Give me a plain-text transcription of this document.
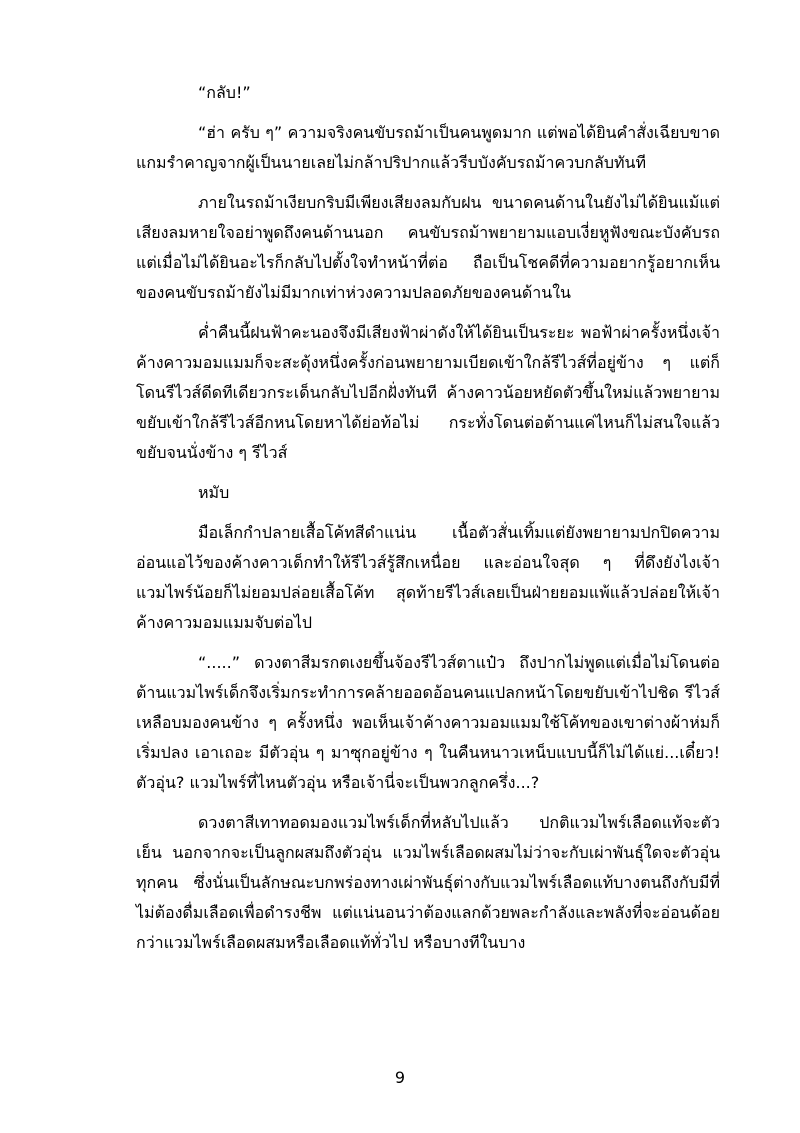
“กลับ!”

“ฮ่า ครับ ๆ” ความจริงคนขับรถม้าเป็นคนพูดมาก แต่พอได้ยินคำสั่งเฉียบขาดแกมรำคาญจากผู้เป็นนายเลยไม่กล้าปริปากแล้วรีบบังคับรถม้าควบกลับทันที

ภายในรถม้าเงียบกริบมีเพียงเสียงลมกับฝน ขนาดคนด้านในยังไม่ได้ยินแม้แต่เสียงลมหายใจอย่าพูดถึงคนด้านนอก คนขับรถม้าพยายามแอบเงี่ยหูฟังขณะบังคับรถ แต่เมื่อไม่ได้ยินอะไรก็กลับไปตั้งใจทำหน้าที่ต่อ ถือเป็นโชคดีที่ความอยากรู้อยากเห็นของคนขับรถม้ายังไม่มีมากเท่าห่วงความปลอดภัยของคนด้านใน

ค่ำคืนนี้ฝนฟ้าคะนองจึงมีเสียงฟ้าผ่าดังให้ได้ยินเป็นระยะ พอฟ้าผ่าครั้งหนึ่งเจ้าค้างคาวมอมแมมก็จะสะดุ้งหนึ่งครั้งก่อนพยายามเบียดเข้าใกล้รีไวส์ที่อยู่ข้าง ๆ แต่ก็โดนรีไวส์ดีดทีเดียวกระเด็นกลับไปอีกฝั่งทันที ค้างคาวน้อยหยัดตัวขึ้นใหม่แล้วพยายามขยับเข้าใกล้รีไวส์อีกหนโดยหาได้ย่อท้อไม่ กระทั่งโดนต่อต้านแค่ไหนก็ไม่สนใจแล้วขยับจนนั่งข้าง ๆ รีไวส์

หมับ

มือเล็กกำปลายเสื้อโค้ทสีดำแน่น เนื้อตัวสั่นเทิ้มแต่ยังพยายามปกปิดความอ่อนแอไว้ของค้างคาวเด็กทำให้รีไวส์รู้สึกเหนื่อย และอ่อนใจสุด ๆ ที่ดึงยังไงเจ้าแวมไพร์น้อยก็ไม่ยอมปล่อยเสื้อโค้ท สุดท้ายรีไวส์เลยเป็นฝ่ายยอมแพ้แล้วปล่อยให้เจ้าค้างคาวมอมแมมจับต่อไป

“.....” ดวงตาสีมรกตเงยขึ้นจ้องรีไวส์ตาแป๋ว ถึงปากไม่พูดแต่เมื่อไม่โดนต่อต้านแวมไพร์เด็กจึงเริ่มกระทำการคล้ายออดอ้อนคนแปลกหน้าโดยขยับเข้าไปชิด รีไวส์เหลือบมองคนข้าง ๆ ครั้งหนึ่ง พอเห็นเจ้าค้างคาวมอมแมมใช้โค้ทของเขาต่างผ้าห่มก็เริ่มปลง เอาเถอะ มีตัวอุ่น ๆ มาซุกอยู่ข้าง ๆ ในคืนหนาวเหน็บแบบนี้ก็ไม่ได้แย่...เดี๋ยว! ตัวอุ่น? แวมไพร์ที่ไหนตัวอุ่น หรือเจ้านี่จะเป็นพวกลูกครึ่ง...?

ดวงตาสีเทาทอดมองแวมไพร์เด็กที่หลับไปแล้ว ปกติแวมไพร์เลือดแท้จะตัวเย็น นอกจากจะเป็นลูกผสมถึงตัวอุ่น แวมไพร์เลือดผสมไม่ว่าจะกับเผ่าพันธุ์ใดจะตัวอุ่นทุกคน ซึ่งนั่นเป็นลักษณะบกพร่องทางเผ่าพันธุ์ต่างกับแวมไพร์เลือดแท้บางตนถึงกับมีที่ไม่ต้องดื่มเลือดเพื่อดำรงชีพ แต่แน่นอนว่าต้องแลกด้วยพละกำลังและพลังที่จะอ่อนด้อยกว่าแวมไพร์เลือดผสมหรือเลือดแท้ทั่วไป หรือบางทีในบาง

9
